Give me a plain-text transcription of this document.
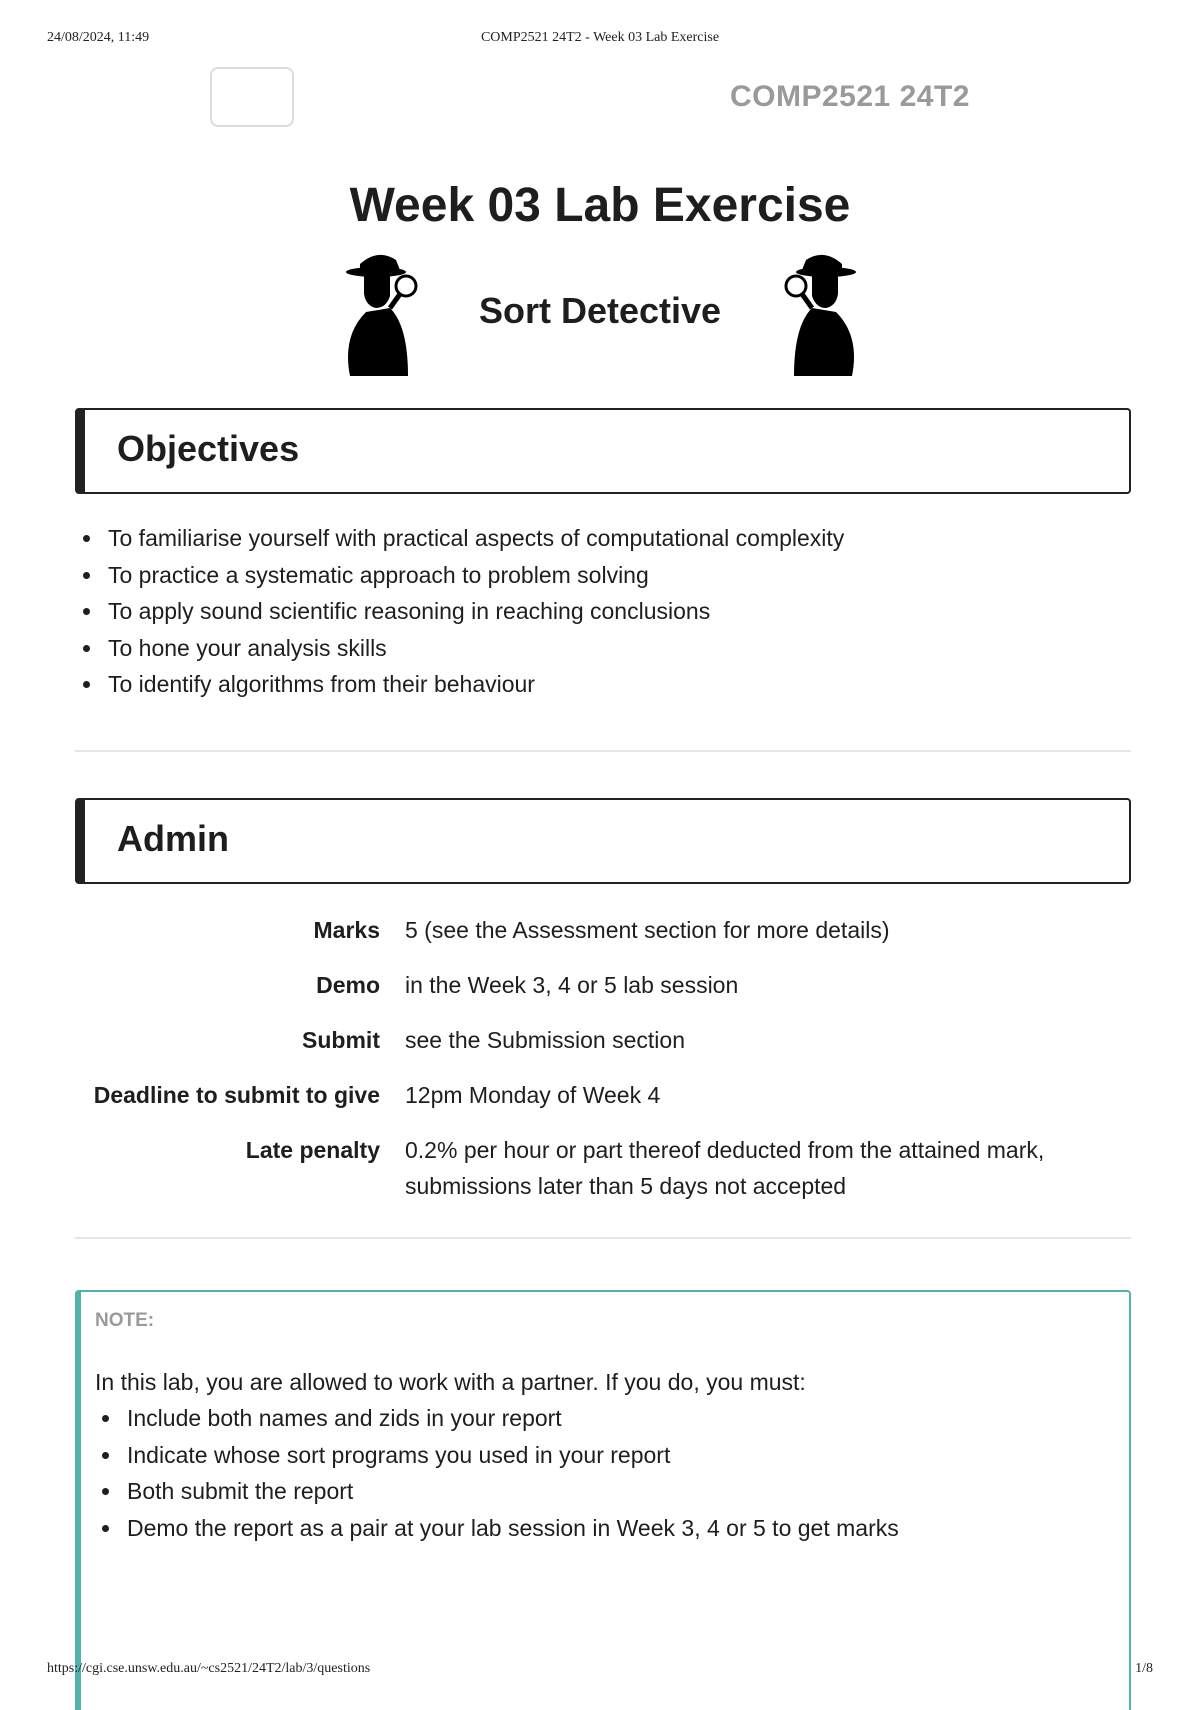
24/08/2024, 11:49	COMP2521 24T2 - Week 03 Lab Exercise
COMP2521 24T2
Week 03 Lab Exercise
Sort Detective
Objectives
• To familiarise yourself with practical aspects of computational complexity
• To practice a systematic approach to problem solving
• To apply sound scientific reasoning in reaching conclusions
• To hone your analysis skills
• To identify algorithms from their behaviour
Admin
Marks 5 (see the Assessment section for more details)
Demo in the Week 3, 4 or 5 lab session
Submit see the Submission section
Deadline to submit to give 12pm Monday of Week 4
Late penalty 0.2% per hour or part thereof deducted from the attained mark, submissions later than 5 days not accepted
NOTE:
In this lab, you are allowed to work with a partner. If you do, you must:
• Include both names and zids in your report
• Indicate whose sort programs you used in your report
• Both submit the report
• Demo the report as a pair at your lab session in Week 3, 4 or 5 to get marks
https://cgi.cse.unsw.edu.au/~cs2521/24T2/lab/3/questions	1/8
